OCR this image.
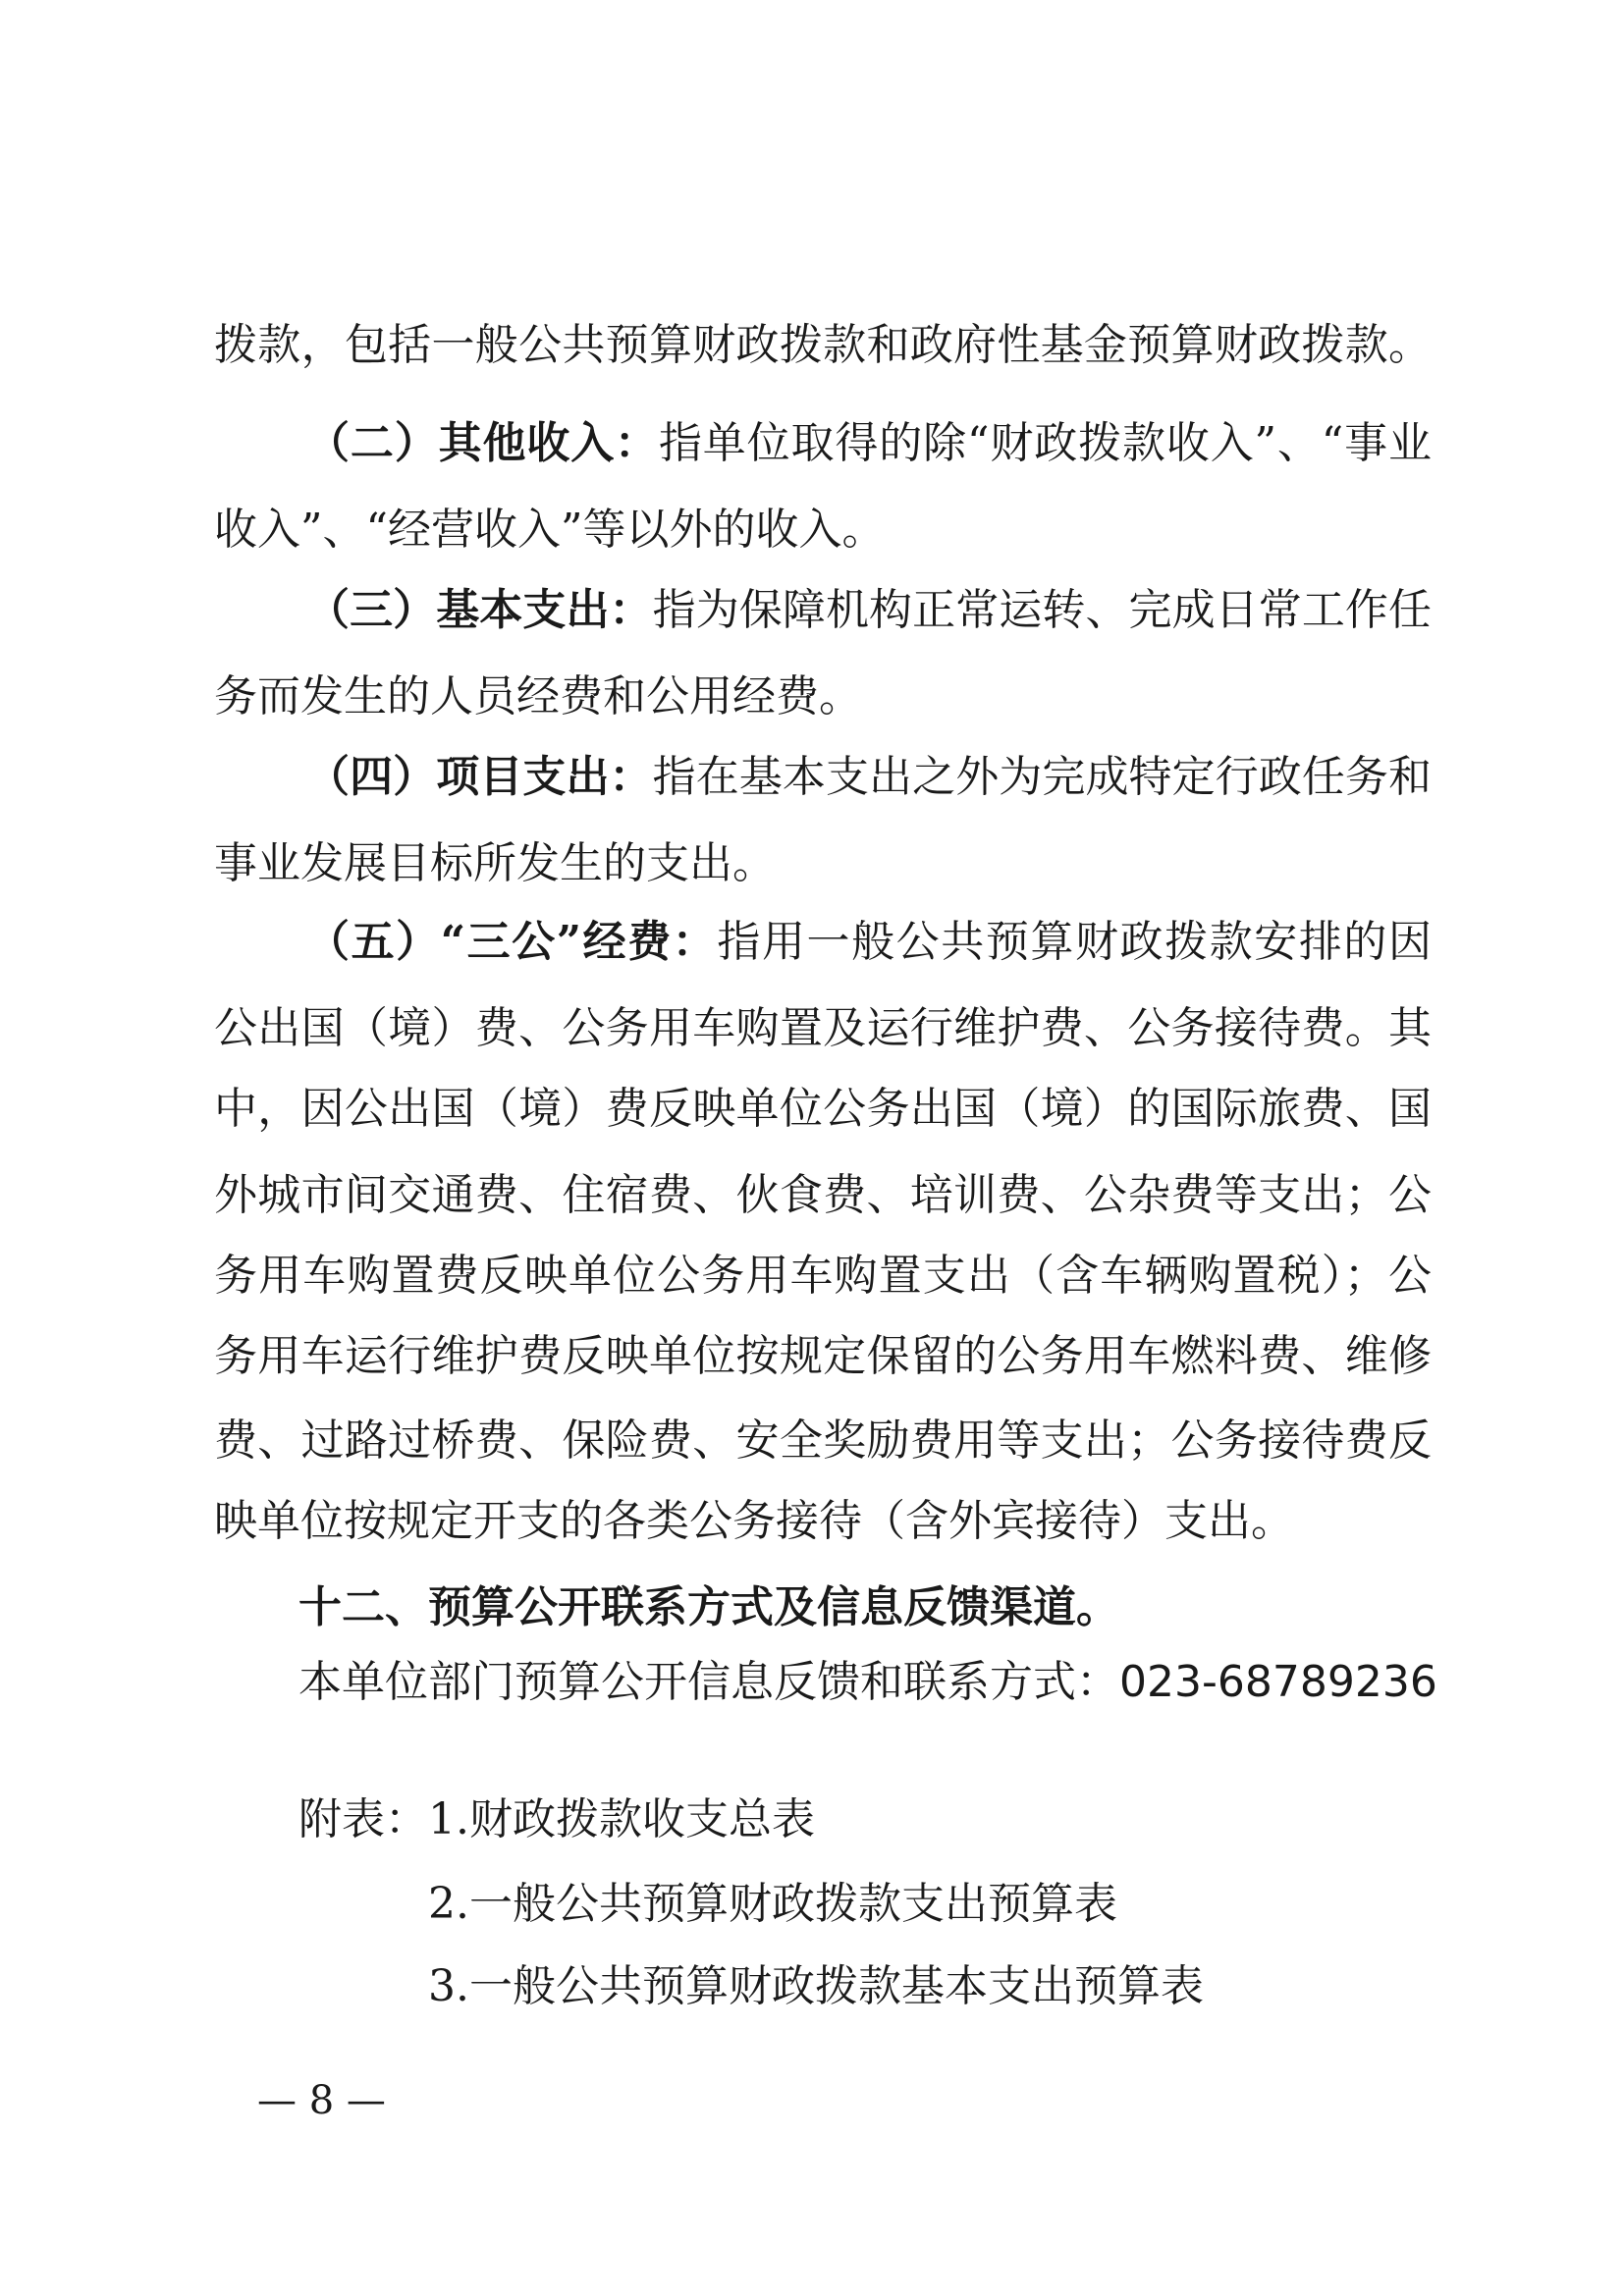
拨款，包括一般公共预算财政拨款和政府性基金预算财政拨款。
（二）其他收入：指单位取得的除“财政拨款收入”、“事业
收入”、“经营收入”等以外的收入。
（三）基本支出：指为保障机构正常运转、完成日常工作任
务而发生的人员经费和公用经费。
（四）项目支出：指在基本支出之外为完成特定行政任务和
事业发展目标所发生的支出。
（五）“三公”经费：指用一般公共预算财政拨款安排的因
公出国（境）费、公务用车购置及运行维护费、公务接待费。其
中，因公出国（境）费反映单位公务出国（境）的国际旅费、国
外城市间交通费、住宿费、伙食费、培训费、公杂费等支出；公
务用车购置费反映单位公务用车购置支出（含车辆购置税）；公
务用车运行维护费反映单位按规定保留的公务用车燃料费、维修
费、过路过桥费、保险费、安全奖励费用等支出；公务接待费反
映单位按规定开支的各类公务接待（含外宾接待）支出。
十二、预算公开联系方式及信息反馈渠道。
本单位部门预算公开信息反馈和联系方式：023-68789236
附表：1.财政拨款收支总表
2.一般公共预算财政拨款支出预算表
3.一般公共预算财政拨款基本支出预算表
— 8 —
